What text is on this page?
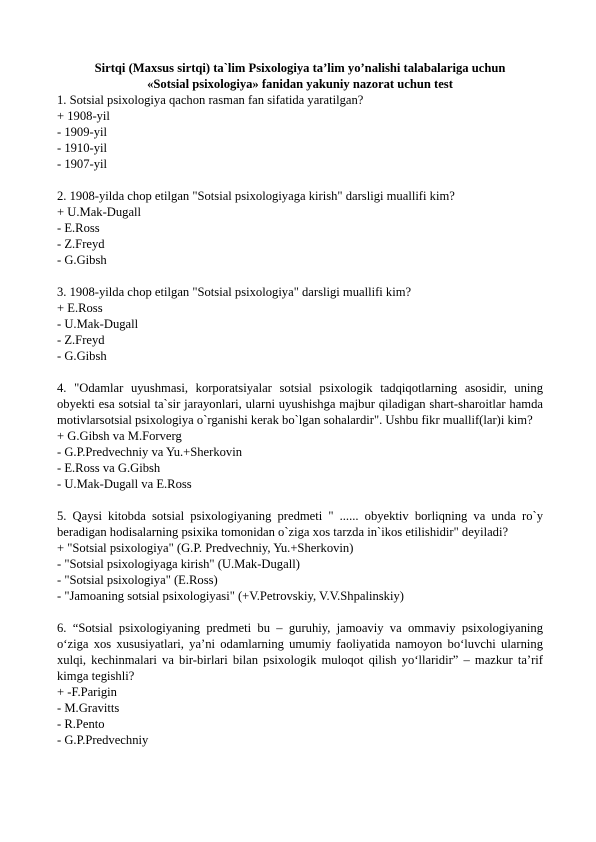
Sirtqi (Maxsus sirtqi) ta`lim Psixologiya ta’lim yo’nalishi talabalariga uchun
«Sotsial psixologiya» fanidan yakuniy nazorat uchun test
1. Sotsial psixologiya qachon rasman fan sifatida yaratilgan?
+ 1908-yil
- 1909-yil
- 1910-yil
- 1907-yil
2. 1908-yilda chop etilgan "Sotsial psixologiyaga kirish" darsligi muallifi kim?
+ U.Mak-Dugall
- E.Ross
- Z.Freyd
- G.Gibsh
3. 1908-yilda chop etilgan "Sotsial psixologiya" darsligi muallifi kim?
+ E.Ross
- U.Mak-Dugall
- Z.Freyd
- G.Gibsh
4. "Odamlar uyushmasi, korporatsiyalar sotsial psixologik tadqiqotlarning asosidir, uning obyekti esa sotsial ta`sir jarayonlari, ularni uyushishga majbur qiladigan shart-sharoitlar hamda motivlarsotsial psixologiya o`rganishi kerak bo`lgan sohalardir". Ushbu fikr muallif(lar)i kim?
+ G.Gibsh va M.Forverg
- G.P.Predvechniy va Yu.+Sherkovin
- E.Ross va G.Gibsh
- U.Mak-Dugall va E.Ross
5. Qaysi kitobda sotsial psixologiyaning predmeti " ...... obyektiv borliqning va unda ro`y beradigan hodisalarning psixika tomonidan o`ziga xos tarzda in`ikos etilishidir" deyiladi?
+ "Sotsial psixologiya" (G.P. Predvechniy, Yu.+Sherkovin)
- "Sotsial psixologiyaga kirish" (U.Mak-Dugall)
- "Sotsial psixologiya" (E.Ross)
- "Jamoaning sotsial psixologiyasi" (+V.Petrovskiy, V.V.Shpalinskiy)
6. “Sotsial psixologiyaning predmeti bu – guruhiy, jamoaviy va ommaviy psixologiyaning o‘ziga xos xususiyatlari, ya’ni odamlarning umumiy faoliyatida namoyon bo‘luvchi ularning xulqi, kechinmalari va bir-birlari bilan psixologik muloqot qilish yo‘llaridir” – mazkur ta’rif kimga tegishli?
+ -F.Parigin
- M.Gravitts
- R.Pento
- G.P.Predvechniy
